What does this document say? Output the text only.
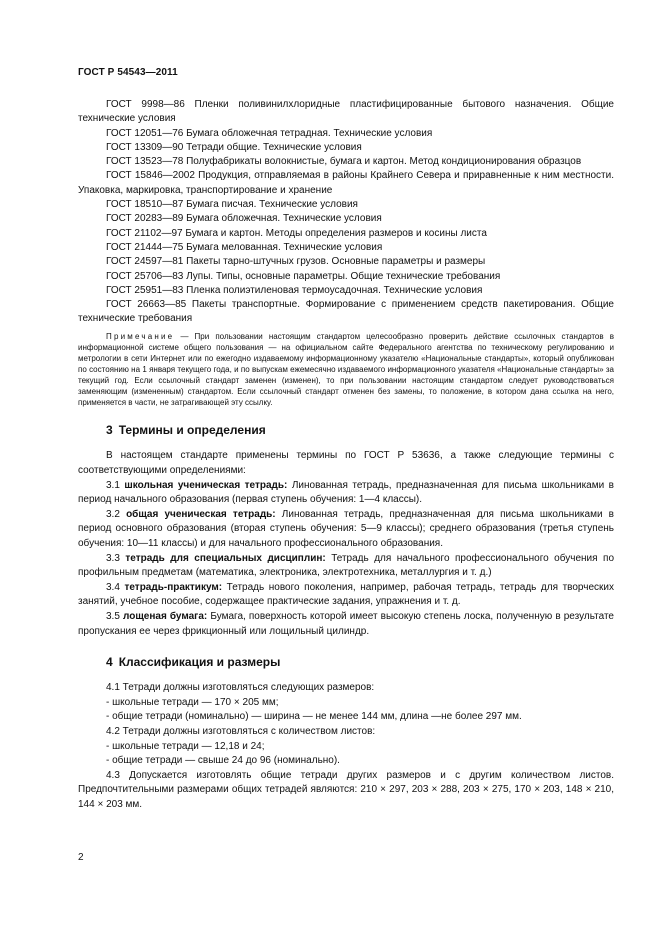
ГОСТ Р 54543—2011

ГОСТ 9998—86 Пленки поливинилхлоридные пластифицированные бытового назначения. Общие технические условия

ГОСТ 12051—76 Бумага обложечная тетрадная. Технические условия

ГОСТ 13309—90 Тетради общие. Технические условия

ГОСТ 13523—78 Полуфабрикаты волокнистые, бумага и картон. Метод кондиционирования образцов

ГОСТ 15846—2002 Продукция, отправляемая в районы Крайнего Севера и приравненные к ним местности. Упаковка, маркировка, транспортирование и хранение

ГОСТ 18510—87 Бумага писчая. Технические условия

ГОСТ 20283—89 Бумага обложечная. Технические условия

ГОСТ 21102—97 Бумага и картон. Методы определения размеров и косины листа

ГОСТ 21444—75 Бумага мелованная. Технические условия

ГОСТ 24597—81 Пакеты тарно-штучных грузов. Основные параметры и размеры

ГОСТ 25706—83 Лупы. Типы, основные параметры. Общие технические требования

ГОСТ 25951—83 Пленка полиэтиленовая термоусадочная. Технические условия

ГОСТ 26663—85 Пакеты транспортные. Формирование с применением средств пакетирования. Общие технические требования

Примечание — При пользовании настоящим стандартом целесообразно проверить действие ссылочных стандартов в информационной системе общего пользования — на официальном сайте Федерального агентства по техническому регулированию и метрологии в сети Интернет или по ежегодно издаваемому информационному указателю «Национальные стандарты», который опубликован по состоянию на 1 января текущего года, и по выпускам ежемесячно издаваемого информационного указателя «Национальные стандарты» за текущий год. Если ссылочный стандарт заменен (изменен), то при пользовании настоящим стандартом следует руководствоваться заменяющим (измененным) стандартом. Если ссылочный стандарт отменен без замены, то положение, в котором дана ссылка на него, применяется в части, не затрагивающей эту ссылку.

3 Термины и определения

В настоящем стандарте применены термины по ГОСТ Р 53636, а также следующие термины с соответствующими определениями:

3.1 школьная ученическая тетрадь: Линованная тетрадь, предназначенная для письма школьниками в период начального образования (первая ступень обучения: 1—4 классы).

3.2 общая ученическая тетрадь: Линованная тетрадь, предназначенная для письма школьниками в период основного образования (вторая ступень обучения: 5—9 классы); среднего образования (третья ступень обучения: 10—11 классы) и для начального профессионального образования.

3.3 тетрадь для специальных дисциплин: Тетрадь для начального профессионального обучения по профильным предметам (математика, электроника, электротехника, металлургия и т. д.)

3.4 тетрадь-практикум: Тетрадь нового поколения, например, рабочая тетрадь, тетрадь для творческих занятий, учебное пособие, содержащее практические задания, упражнения и т. д.

3.5 лощеная бумага: Бумага, поверхность которой имеет высокую степень лоска, полученную в результате пропускания ее через фрикционный или лощильный цилиндр.

4 Классификация и размеры

4.1 Тетради должны изготовляться следующих размеров:

- школьные тетради — 170 × 205 мм;

- общие тетради (номинально) — ширина — не менее 144 мм, длина —не более 297 мм.

4.2 Тетради должны изготовляться с количеством листов:

- школьные тетради — 12,18 и 24;

- общие тетради — свыше 24 до 96 (номинально).

4.3 Допускается изготовлять общие тетради других размеров и с другим количеством листов. Предпочтительными размерами общих тетрадей являются: 210 × 297, 203 × 288, 203 × 275, 170 × 203, 148 × 210, 144 × 203 мм.

2
